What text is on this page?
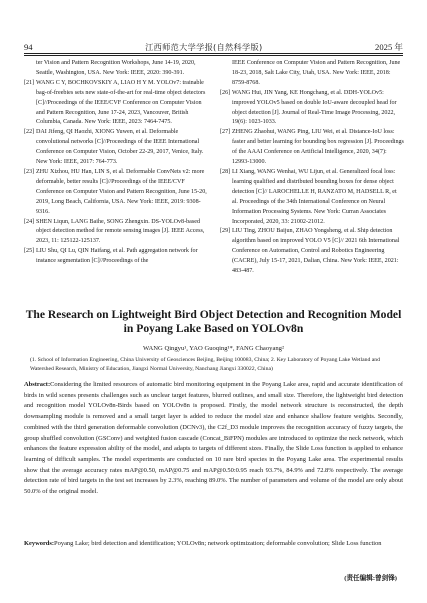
94	江西师范大学学报(自然科学版)	2025 年
ter Vision and Pattern Recognition Workshops, June 14-19, 2020, Seattle, Washington, USA. New York: IEEE, 2020: 390-391.
[21] WANG C Y, BOCHKOVSKIY A, LIAO H Y M. YOLOv7: trainable bag-of-freebies sets new state-of-the-art for real-time object detectors [C]//Proceedings of the IEEE/CVF Conference on Computer Vision and Pattern Recognition, June 17-24, 2023, Vancouver, British Columbia, Canada. New York: IEEE, 2023: 7464-7475.
[22] DAI Jifeng, QI Haozhi, XIONG Yuwen, et al. Deformable convolutional networks [C]//Proceedings of the IEEE International Conference on Computer Vision, October 22-29, 2017, Venice, Italy. New York: IEEE, 2017: 764-773.
[23] ZHU Xizhou, HU Han, LIN S, et al. Deformable ConvNets v2: more deformable, better results [C]//Proceedings of the IEEE/CVF Conference on Computer Vision and Pattern Recognition, June 15-20, 2019, Long Beach, California, USA. New York: IEEE, 2019: 9308-9316.
[24] SHEN Liqun, LANG Baihe, SONG Zhengxin. DS-YOLOv8-based object detection method for remote sensing images [J]. IEEE Access, 2023, 11: 125122-125137.
[25] LIU Shu, QI Lu, QIN Haifang, et al. Path aggregation network for instance segmentation [C]//Proceedings of the
IEEE Conference on Computer Vision and Pattern Recognition, June 18-23, 2018, Salt Lake City, Utah, USA. New York: IEEE, 2018: 8759-8768.
[26] WANG Hui, JIN Yang, KE Hongchang, et al. DDH-YOLOv5: improved YOLOv5 based on double IoU-aware decoupled head for object detection [J]. Journal of Real-Time Image Processing, 2022, 19(6): 1023-1033.
[27] ZHENG Zhaohui, WANG Ping, LIU Wei, et al. Distance-IoU loss: faster and better learning for bounding box regression [J]. Proceedings of the AAAI Conference on Artificial Intelligence, 2020, 34(7): 12993-13000.
[28] LI Xiang, WANG Wenhai, WU Lijun, et al. Generalized focal loss: learning qualified and distributed bounding boxes for dense object detection [C]// LAROCHELLE H, RANZATO M, HADSELL R, et al. Proceedings of the 34th International Conference on Neural Information Processing Systems. New York: Curran Associates Incorporated, 2020, 33: 21002-21012.
[29] LIU Ting, ZHOU Baijun, ZHAO Yongsheng, et al. Ship detection algorithm based on improved YOLO V5 [C]// 2021 6th International Conference on Automation, Control and Robotics Engineering (CACRE), July 15-17, 2021, Dalian, China. New York: IEEE, 2021: 483-487.
The Research on Lightweight Bird Object Detection and Recognition Model
in Poyang Lake Based on YOLOv8n
WANG Qingyu¹, YAO Guoqing¹*, FANG Chaoyang²
(1. School of Information Engineering, China University of Geosciences Beijing, Beijing 100083, China; 2. Key Laboratory of Poyang Lake Wetland and Watershed Research, Ministry of Education, Jiangxi Normal University, Nanchang Jiangxi 330022, China)
Abstract:Considering the limited resources of automatic bird monitoring equipment in the Poyang Lake area, rapid and accurate identification of birds in wild scenes presents challenges such as unclear target features, blurred outlines, and small size. Therefore, the lightweight bird detection and recognition model YOLOv8n-Birds based on YOLOv8n is proposed. Firstly, the model network structure is reconstructed, the depth downsampling module is removed and a small target layer is added to reduce the model size and enhance shallow feature weights. Secondly, combined with the third generation deformable convolution (DCNv3), the C2f_D3 module improves the recognition accuracy of fuzzy targets, the group shuffled convolution (GSConv) and weighted fusion cascade (Concat_BiFPN) modules are introduced to optimize the neck network, which enhances the feature expression ability of the model, and adapts to targets of different sizes. Finally, the Slide Loss function is applied to enhance learning of difficult samples. The model experiments are conducted on 10 rare bird species in the Poyang Lake area. The experimental results show that the average accuracy rates mAP@0.50, mAP@0.75 and mAP@0.50:0.95 reach 93.7%, 84.9% and 72.8% respectively. The average detection rate of bird targets in the test set increases by 2.3%, reaching 89.0%. The number of parameters and volume of the model are only about 50.0% of the original model.
Keywords:Poyang Lake; bird detection and identification; YOLOv8n; network optimization; deformable convolution; Slide Loss function
(责任编辑:曾剑锋)
